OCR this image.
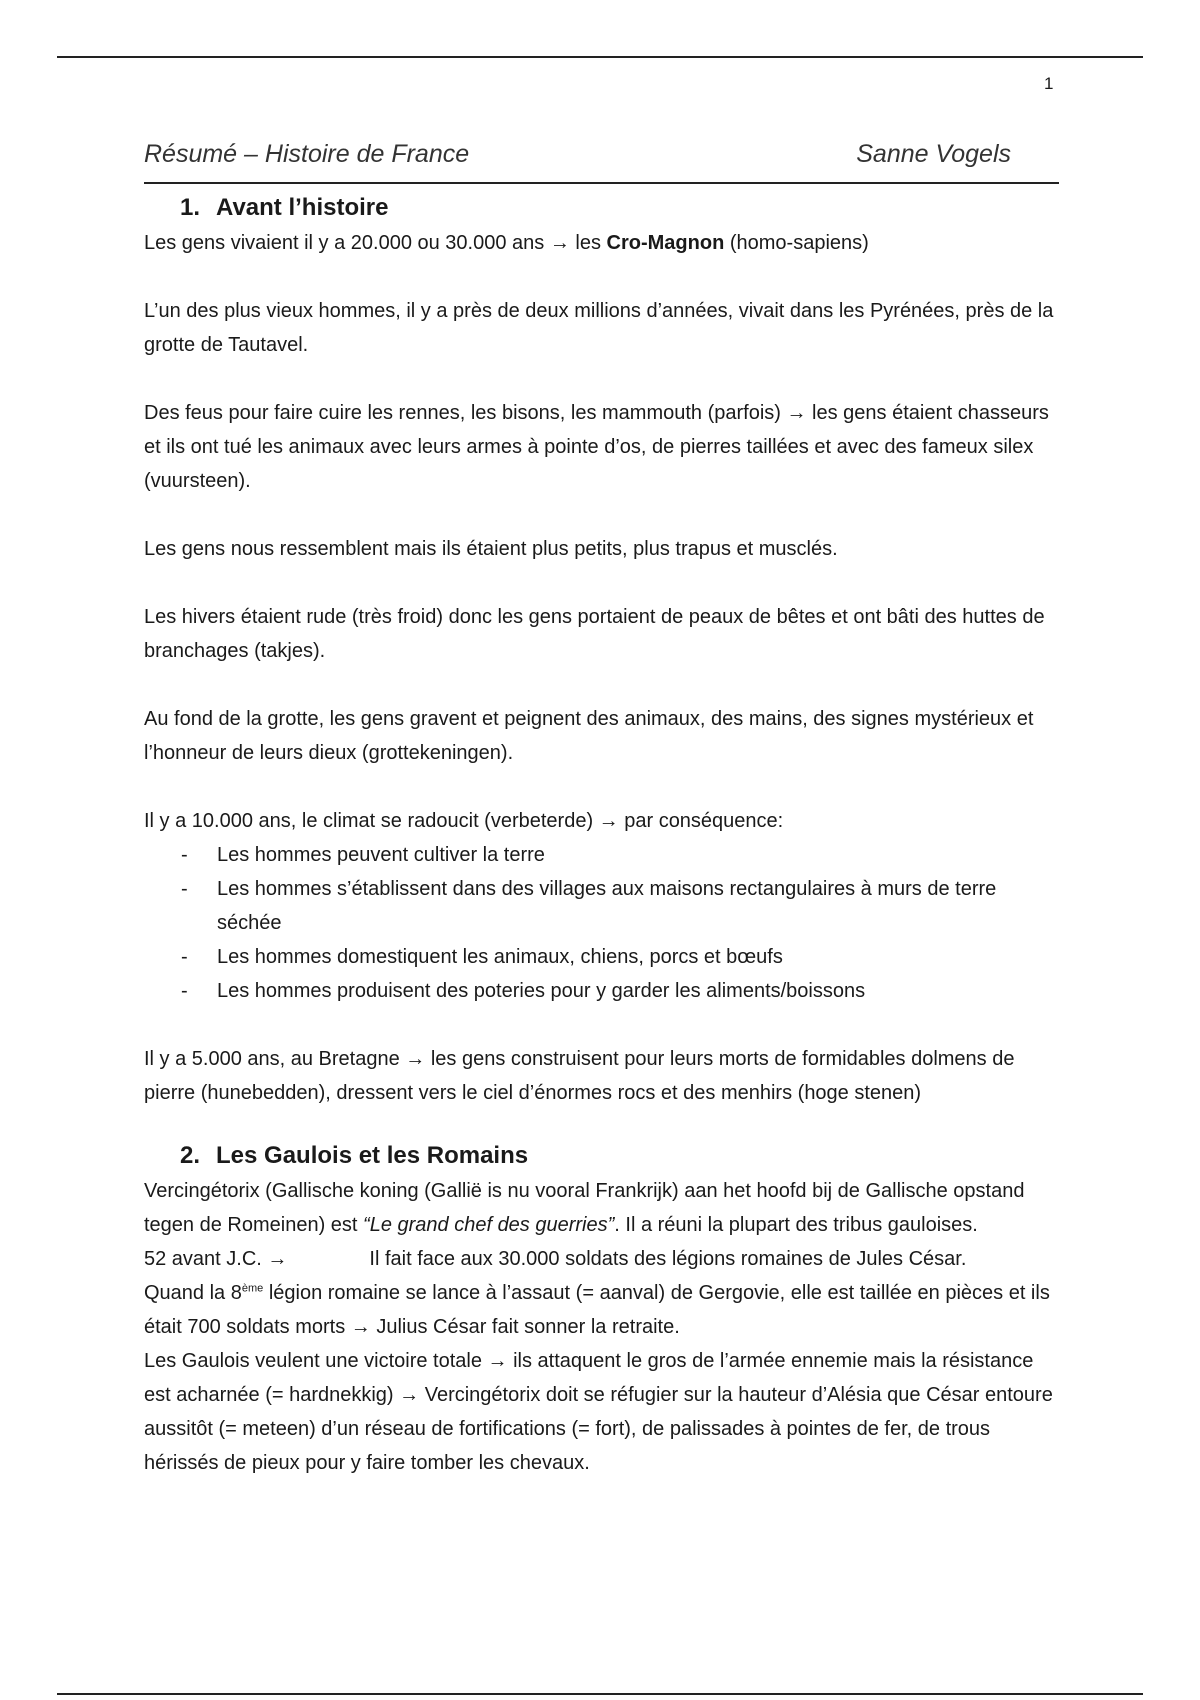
1
Résumé – Histoire de France	Sanne Vogels
1. Avant l’histoire

Les gens vivaient il y a 20.000 ou 30.000 ans → les Cro-Magnon (homo-sapiens)

L’un des plus vieux hommes, il y a près de deux millions d’années, vivait dans les Pyrénées, près de la grotte de Tautavel.

Des feus pour faire cuire les rennes, les bisons, les mammouth (parfois) → les gens étaient chasseurs et ils ont tué les animaux avec leurs armes à pointe d’os, de pierres taillées et avec des fameux silex (vuursteen).

Les gens nous ressemblent mais ils étaient plus petits, plus trapus et musclés.

Les hivers étaient rude (très froid) donc les gens portaient de peaux de bêtes et ont bâti des huttes de branchages (takjes).

Au fond de la grotte, les gens gravent et peignent des animaux, des mains, des signes mystérieux et l’honneur de leurs dieux (grottekeningen).

Il y a 10.000 ans, le climat se radoucit (verbeterde) → par conséquence:

- Les hommes peuvent cultiver la terre
- Les hommes s’établissent dans des villages aux maisons rectangulaires à murs de terre séchée
- Les hommes domestiquent les animaux, chiens, porcs et bœufs
- Les hommes produisent des poteries pour y garder les aliments/boissons

Il y a 5.000 ans, au Bretagne → les gens construisent pour leurs morts de formidables dolmens de pierre (hunebedden), dressent vers le ciel d’énormes rocs et des menhirs (hoge stenen)

2. Les Gaulois et les Romains

Vercingétorix (Gallische koning (Gallië is nu vooral Frankrijk) aan het hoofd bij de Gallische opstand tegen de Romeinen) est “Le grand chef des guerries”. Il a réuni la plupart des tribus gauloises.

52 avant J.C. →	Il fait face aux 30.000 soldats des légions romaines de Jules César.

Quand la 8ème légion romaine se lance à l’assaut (= aanval) de Gergovie, elle est taillée en pièces et ils était 700 soldats morts → Julius César fait sonner la retraite.

Les Gaulois veulent une victoire totale → ils attaquent le gros de l’armée ennemie mais la résistance est acharnée (= hardnekkig) → Vercingétorix doit se réfugier sur la hauteur d’Alésia que César entoure aussitôt (= meteen) d’un réseau de fortifications (= fort), de palissades à pointes de fer, de trous hérissés de pieux pour y faire tomber les chevaux.
